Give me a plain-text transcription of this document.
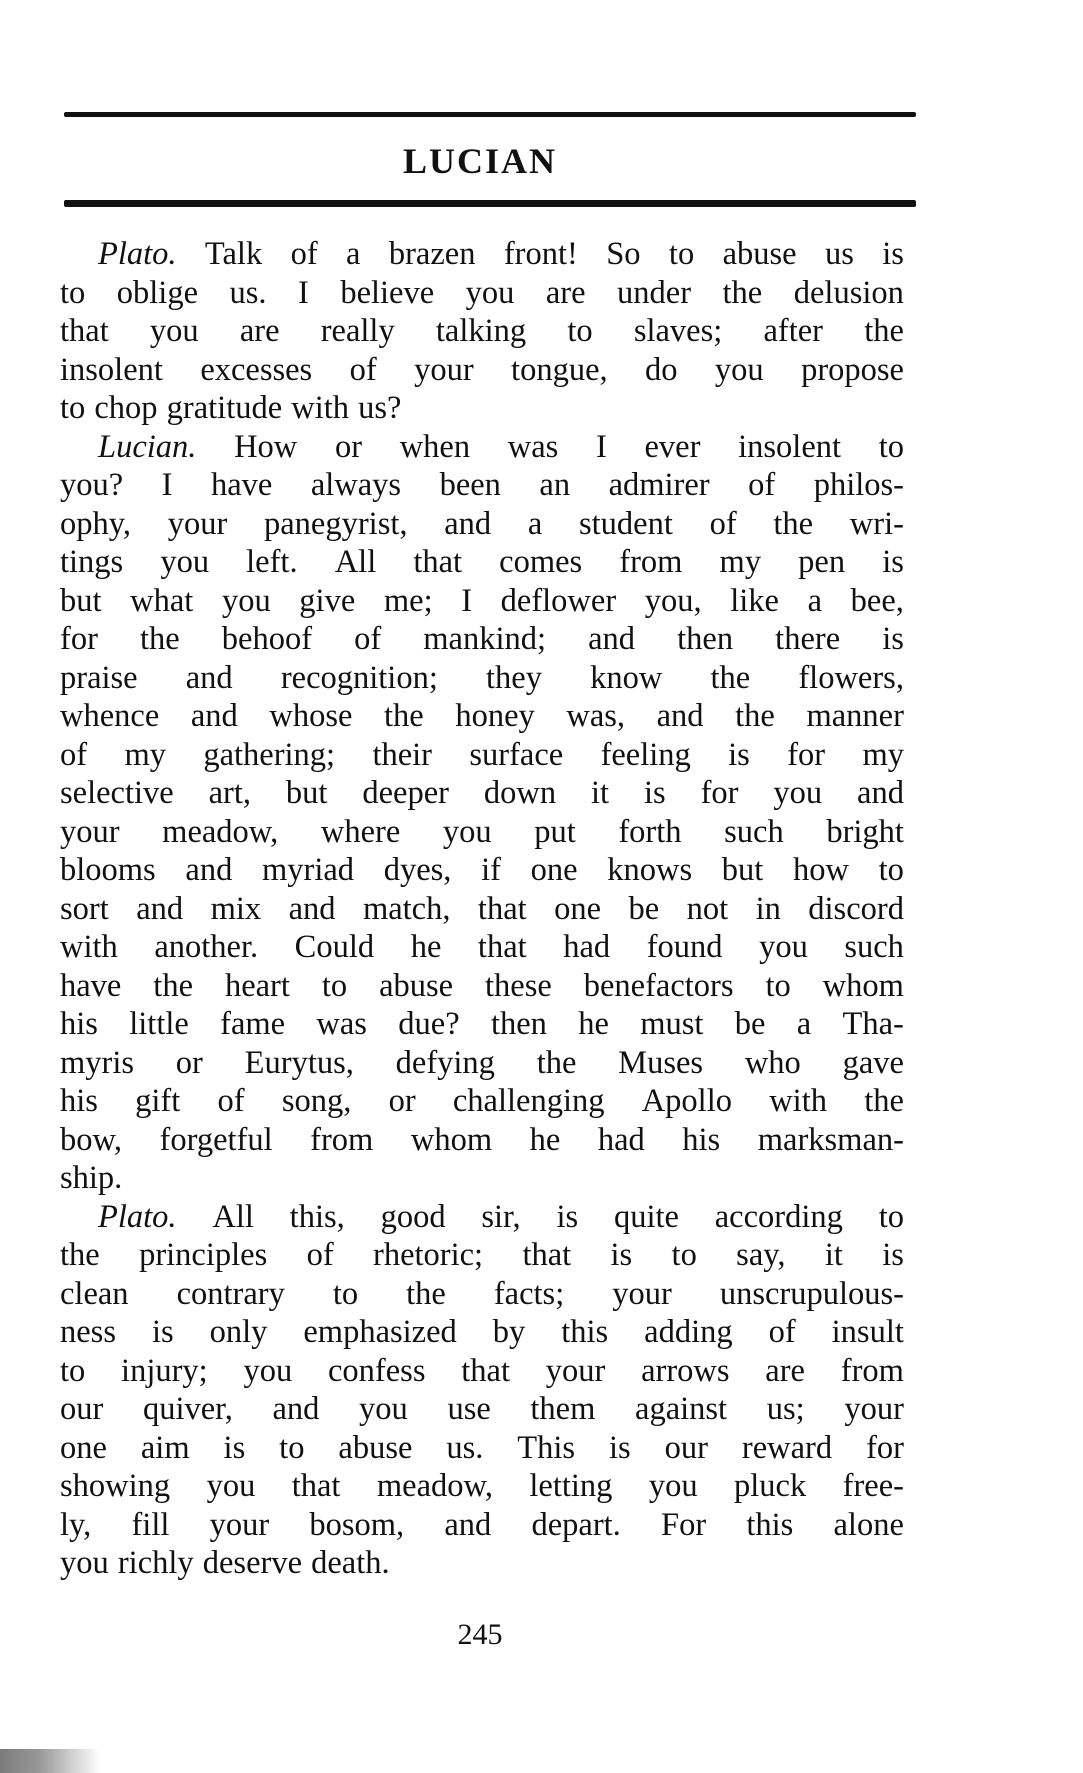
LUCIAN
Plato. Talk of a brazen front! So to abuse us is
to oblige us. I believe you are under the delusion
that you are really talking to slaves; after the
insolent excesses of your tongue, do you propose
to chop gratitude with us?
Lucian. How or when was I ever insolent to
you? I have always been an admirer of philos-
ophy, your panegyrist, and a student of the wri-
tings you left. All that comes from my pen is
but what you give me; I deflower you, like a bee,
for the behoof of mankind; and then there is
praise and recognition; they know the flowers,
whence and whose the honey was, and the manner
of my gathering; their surface feeling is for my
selective art, but deeper down it is for you and
your meadow, where you put forth such bright
blooms and myriad dyes, if one knows but how to
sort and mix and match, that one be not in discord
with another. Could he that had found you such
have the heart to abuse these benefactors to whom
his little fame was due? then he must be a Tha-
myris or Eurytus, defying the Muses who gave
his gift of song, or challenging Apollo with the
bow, forgetful from whom he had his marksman-
ship.
Plato. All this, good sir, is quite according to
the principles of rhetoric; that is to say, it is
clean contrary to the facts; your unscrupulous-
ness is only emphasized by this adding of insult
to injury; you confess that your arrows are from
our quiver, and you use them against us; your
one aim is to abuse us. This is our reward for
showing you that meadow, letting you pluck free-
ly, fill your bosom, and depart. For this alone
you richly deserve death.
245
